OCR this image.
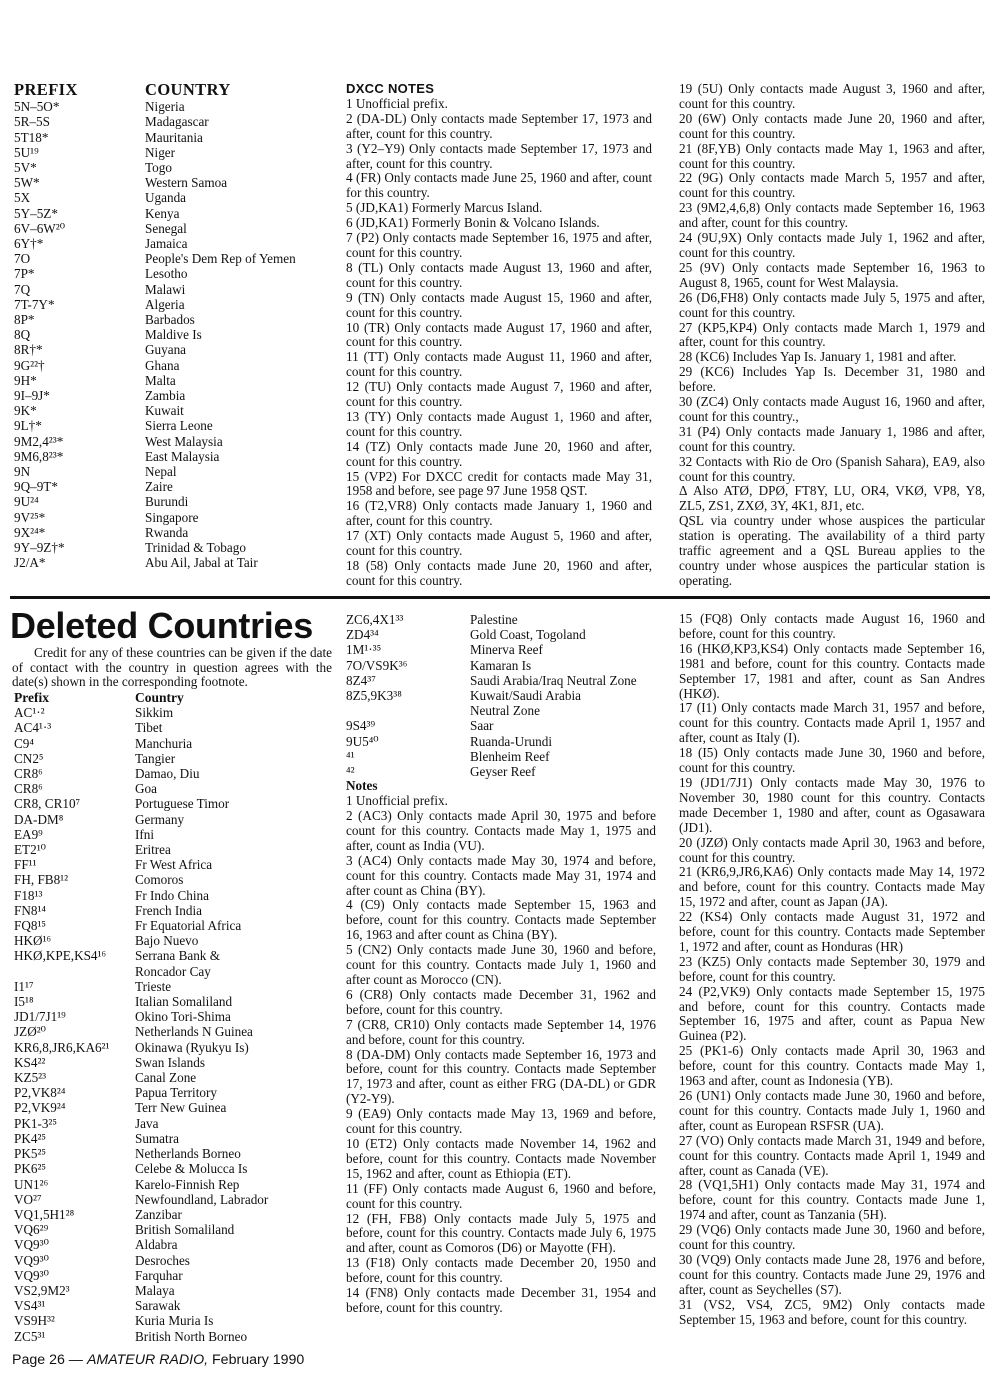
PREFIX	COUNTRY
5N–5O*	Nigeria
5R–5S	Madagascar
5T18*	Mauritania
5U¹⁹	Niger
5V*	Togo
5W*	Western Samoa
5X	Uganda
5Y–5Z*	Kenya
6V–6W²⁰	Senegal
6Y†*	Jamaica
7O	People's Dem Rep of Yemen
7P*	Lesotho
7Q	Malawi
7T-7Y*	Algeria
8P*	Barbados
8Q	Maldive Is
8R†*	Guyana
9G²²†	Ghana
9H*	Malta
9I–9J*	Zambia
9K*	Kuwait
9L†*	Sierra Leone
9M2,4²³*	West Malaysia
9M6,8²³*	East Malaysia
9N	Nepal
9Q–9T*	Zaire
9U²⁴	Burundi
9V²⁵*	Singapore
9X²⁴*	Rwanda
9Y–9Z†*	Trinidad & Tobago
J2/A*	Abu Ail, Jabal at Tair

DXCC NOTES

1 Unofficial prefix.

2 (DA-DL) Only contacts made September 17, 1973 and after, count for this country.

3 (Y2–Y9) Only contacts made September 17, 1973 and after, count for this country.

4 (FR) Only contacts made June 25, 1960 and after, count for this country.

5 (JD,KA1) Formerly Marcus Island.

6 (JD,KA1) Formerly Bonin & Volcano Islands.

7 (P2) Only contacts made September 16, 1975 and after, count for this country.

8 (TL) Only contacts made August 13, 1960 and after, count for this country.

9 (TN) Only contacts made August 15, 1960 and after, count for this country.

10 (TR) Only contacts made August 17, 1960 and after, count for this country.

11 (TT) Only contacts made August 11, 1960 and after, count for this country.

12 (TU) Only contacts made August 7, 1960 and after, count for this country.

13 (TY) Only contacts made August 1, 1960 and after, count for this country.

14 (TZ) Only contacts made June 20, 1960 and after, count for this country.

15 (VP2) For DXCC credit for contacts made May 31, 1958 and before, see page 97 June 1958 QST.

16 (T2,VR8) Only contacts made January 1, 1960 and after, count for this country.

17 (XT) Only contacts made August 5, 1960 and after, count for this country.

18 (58) Only contacts made June 20, 1960 and after, count for this country.

19 (5U) Only contacts made August 3, 1960 and after, count for this country.

20 (6W) Only contacts made June 20, 1960 and after, count for this country.

21 (8F,YB) Only contacts made May 1, 1963 and after, count for this country.

22 (9G) Only contacts made March 5, 1957 and after, count for this country.

23 (9M2,4,6,8) Only contacts made September 16, 1963 and after, count for this country.

24 (9U,9X) Only contacts made July 1, 1962 and after, count for this country.

25 (9V) Only contacts made September 16, 1963 to August 8, 1965, count for West Malaysia.

26 (D6,FH8) Only contacts made July 5, 1975 and after, count for this country.

27 (KP5,KP4) Only contacts made March 1, 1979 and after, count for this country.

28 (KC6) Includes Yap Is. January 1, 1981 and after.

29 (KC6) Includes Yap Is. December 31, 1980 and before.

30 (ZC4) Only contacts made August 16, 1960 and after, count for this country.,

31 (P4) Only contacts made January 1, 1986 and after, count for this country.

32 Contacts with Rio de Oro (Spanish Sahara), EA9, also count for this country.

Δ Also ATØ, DPØ, FT8Y, LU, OR4, VKØ, VP8, Y8, ZL5, ZS1, ZXØ, 3Y, 4K1, 8J1, etc.

QSL via country under whose auspices the particular station is operating. The availability of a third party traffic agreement and a QSL Bureau applies to the country under whose auspices the particular station is operating.

Deleted Countries
Credit for any of these countries can be given if the date of contact with the country in question agrees with the date(s) shown in the corresponding footnote.
Prefix	Country
AC¹·²	Sikkim
AC4¹·³	Tibet
C9⁴	Manchuria
CN2⁵	Tangier
CR8⁶	Damao, Diu
CR8⁶	Goa
CR8, CR10⁷	Portuguese Timor
DA-DM⁸	Germany
EA9⁹	Ifni
ET2¹⁰	Eritrea
FF¹¹	Fr West Africa
FH, FB8¹²	Comoros
F18¹³	Fr Indo China
FN8¹⁴	French India
FQ8¹⁵	Fr Equatorial Africa
HKØ¹⁶	Bajo Nuevo
HKØ,KPE,KS4¹⁶	Serrana Bank &
Roncador Cay
I1¹⁷	Trieste
I5¹⁸	Italian Somaliland
JD1/7J1¹⁹	Okino Tori-Shima
JZØ²⁰	Netherlands N Guinea
KR6,8,JR6,KA6²¹	Okinawa (Ryukyu Is)
KS4²²	Swan Islands
KZ5²³	Canal Zone
P2,VK8²⁴	Papua Territory
P2,VK9²⁴	Terr New Guinea
PK1-3²⁵	Java
PK4²⁵	Sumatra
PK5²⁵	Netherlands Borneo
PK6²⁵	Celebe & Molucca Is
UN1²⁶	Karelo-Finnish Rep
VO²⁷	Newfoundland, Labrador
VQ1,5H1²⁸	Zanzibar
VQ6²⁹	British Somaliland
VQ9³⁰	Aldabra
VQ9³⁰	Desroches
VQ9³⁰	Farquhar
VS2,9M2³	Malaya
VS4³¹	Sarawak
VS9H³²	Kuria Muria Is
ZC5³¹	British North Borneo
ZC6,4X1³³	Palestine
ZD4³⁴	Gold Coast, Togoland
1M¹·³⁵	Minerva Reef
7O/VS9K³⁶	Kamaran Is
8Z4³⁷	Saudi Arabia/Iraq Neutral Zone
8Z5,9K3³⁸	Kuwait/Saudi Arabia
Neutral Zone
9S4³⁹	Saar
9U5⁴⁰	Ruanda-Urundi
⁴¹	Blenheim Reef
⁴²	Geyser Reef

Notes

1 Unofficial prefix.

2 (AC3) Only contacts made April 30, 1975 and before count for this country. Contacts made May 1, 1975 and after, count as India (VU).

3 (AC4) Only contacts made May 30, 1974 and before, count for this country. Contacts made May 31, 1974 and after count as China (BY).

4 (C9) Only contacts made September 15, 1963 and before, count for this country. Contacts made September 16, 1963 and after count as China (BY).

5 (CN2) Only contacts made June 30, 1960 and before, count for this country. Contacts made July 1, 1960 and after count as Morocco (CN).

6 (CR8) Only contacts made December 31, 1962 and before, count for this country.

7 (CR8, CR10) Only contacts made September 14, 1976 and before, count for this country.

8 (DA-DM) Only contacts made September 16, 1973 and before, count for this country. Contacts made September 17, 1973 and after, count as either FRG (DA-DL) or GDR (Y2-Y9).

9 (EA9) Only contacts made May 13, 1969 and before, count for this country.

10 (ET2) Only contacts made November 14, 1962 and before, count for this country. Contacts made November 15, 1962 and after, count as Ethiopia (ET).

11 (FF) Only contacts made August 6, 1960 and before, count for this country.

12 (FH, FB8) Only contacts made July 5, 1975 and before, count for this country. Contacts made July 6, 1975 and after, count as Comoros (D6) or Mayotte (FH).

13 (F18) Only contacts made December 20, 1950 and before, count for this country.

14 (FN8) Only contacts made December 31, 1954 and before, count for this country.

15 (FQ8) Only contacts made August 16, 1960 and before, count for this country.

16 (HKØ,KP3,KS4) Only contacts made September 16, 1981 and before, count for this country. Contacts made September 17, 1981 and after, count as San Andres (HKØ).

17 (I1) Only contacts made March 31, 1957 and before, count for this country. Contacts made April 1, 1957 and after, count as Italy (I).

18 (I5) Only contacts made June 30, 1960 and before, count for this country.

19 (JD1/7J1) Only contacts made May 30, 1976 to November 30, 1980 count for this country. Contacts made December 1, 1980 and after, count as Ogasawara (JD1).

20 (JZØ) Only contacts made April 30, 1963 and before, count for this country.

21 (KR6,9,JR6,KA6) Only contacts made May 14, 1972 and before, count for this country. Contacts made May 15, 1972 and after, count as Japan (JA).

22 (KS4) Only contacts made August 31, 1972 and before, count for this country. Contacts made September 1, 1972 and after, count as Honduras (HR)

23 (KZ5) Only contacts made September 30, 1979 and before, count for this country.

24 (P2,VK9) Only contacts made September 15, 1975 and before, count for this country. Contacts made September 16, 1975 and after, count as Papua New Guinea (P2).

25 (PK1-6) Only contacts made April 30, 1963 and before, count for this country. Contacts made May 1, 1963 and after, count as Indonesia (YB).

26 (UN1) Only contacts made June 30, 1960 and before, count for this country. Contacts made July 1, 1960 and after, count as European RSFSR (UA).

27 (VO) Only contacts made March 31, 1949 and before, count for this country. Contacts made April 1, 1949 and after, count as Canada (VE).

28 (VQ1,5H1) Only contacts made May 31, 1974 and before, count for this country. Contacts made June 1, 1974 and after, count as Tanzania (5H).

29 (VQ6) Only contacts made June 30, 1960 and before, count for this country.

30 (VQ9) Only contacts made June 28, 1976 and before, count for this country. Contacts made June 29, 1976 and after, count as Seychelles (S7).

31 (VS2, VS4, ZC5, 9M2) Only contacts made September 15, 1963 and before, count for this country.

Page 26 — AMATEUR RADIO, February 1990
